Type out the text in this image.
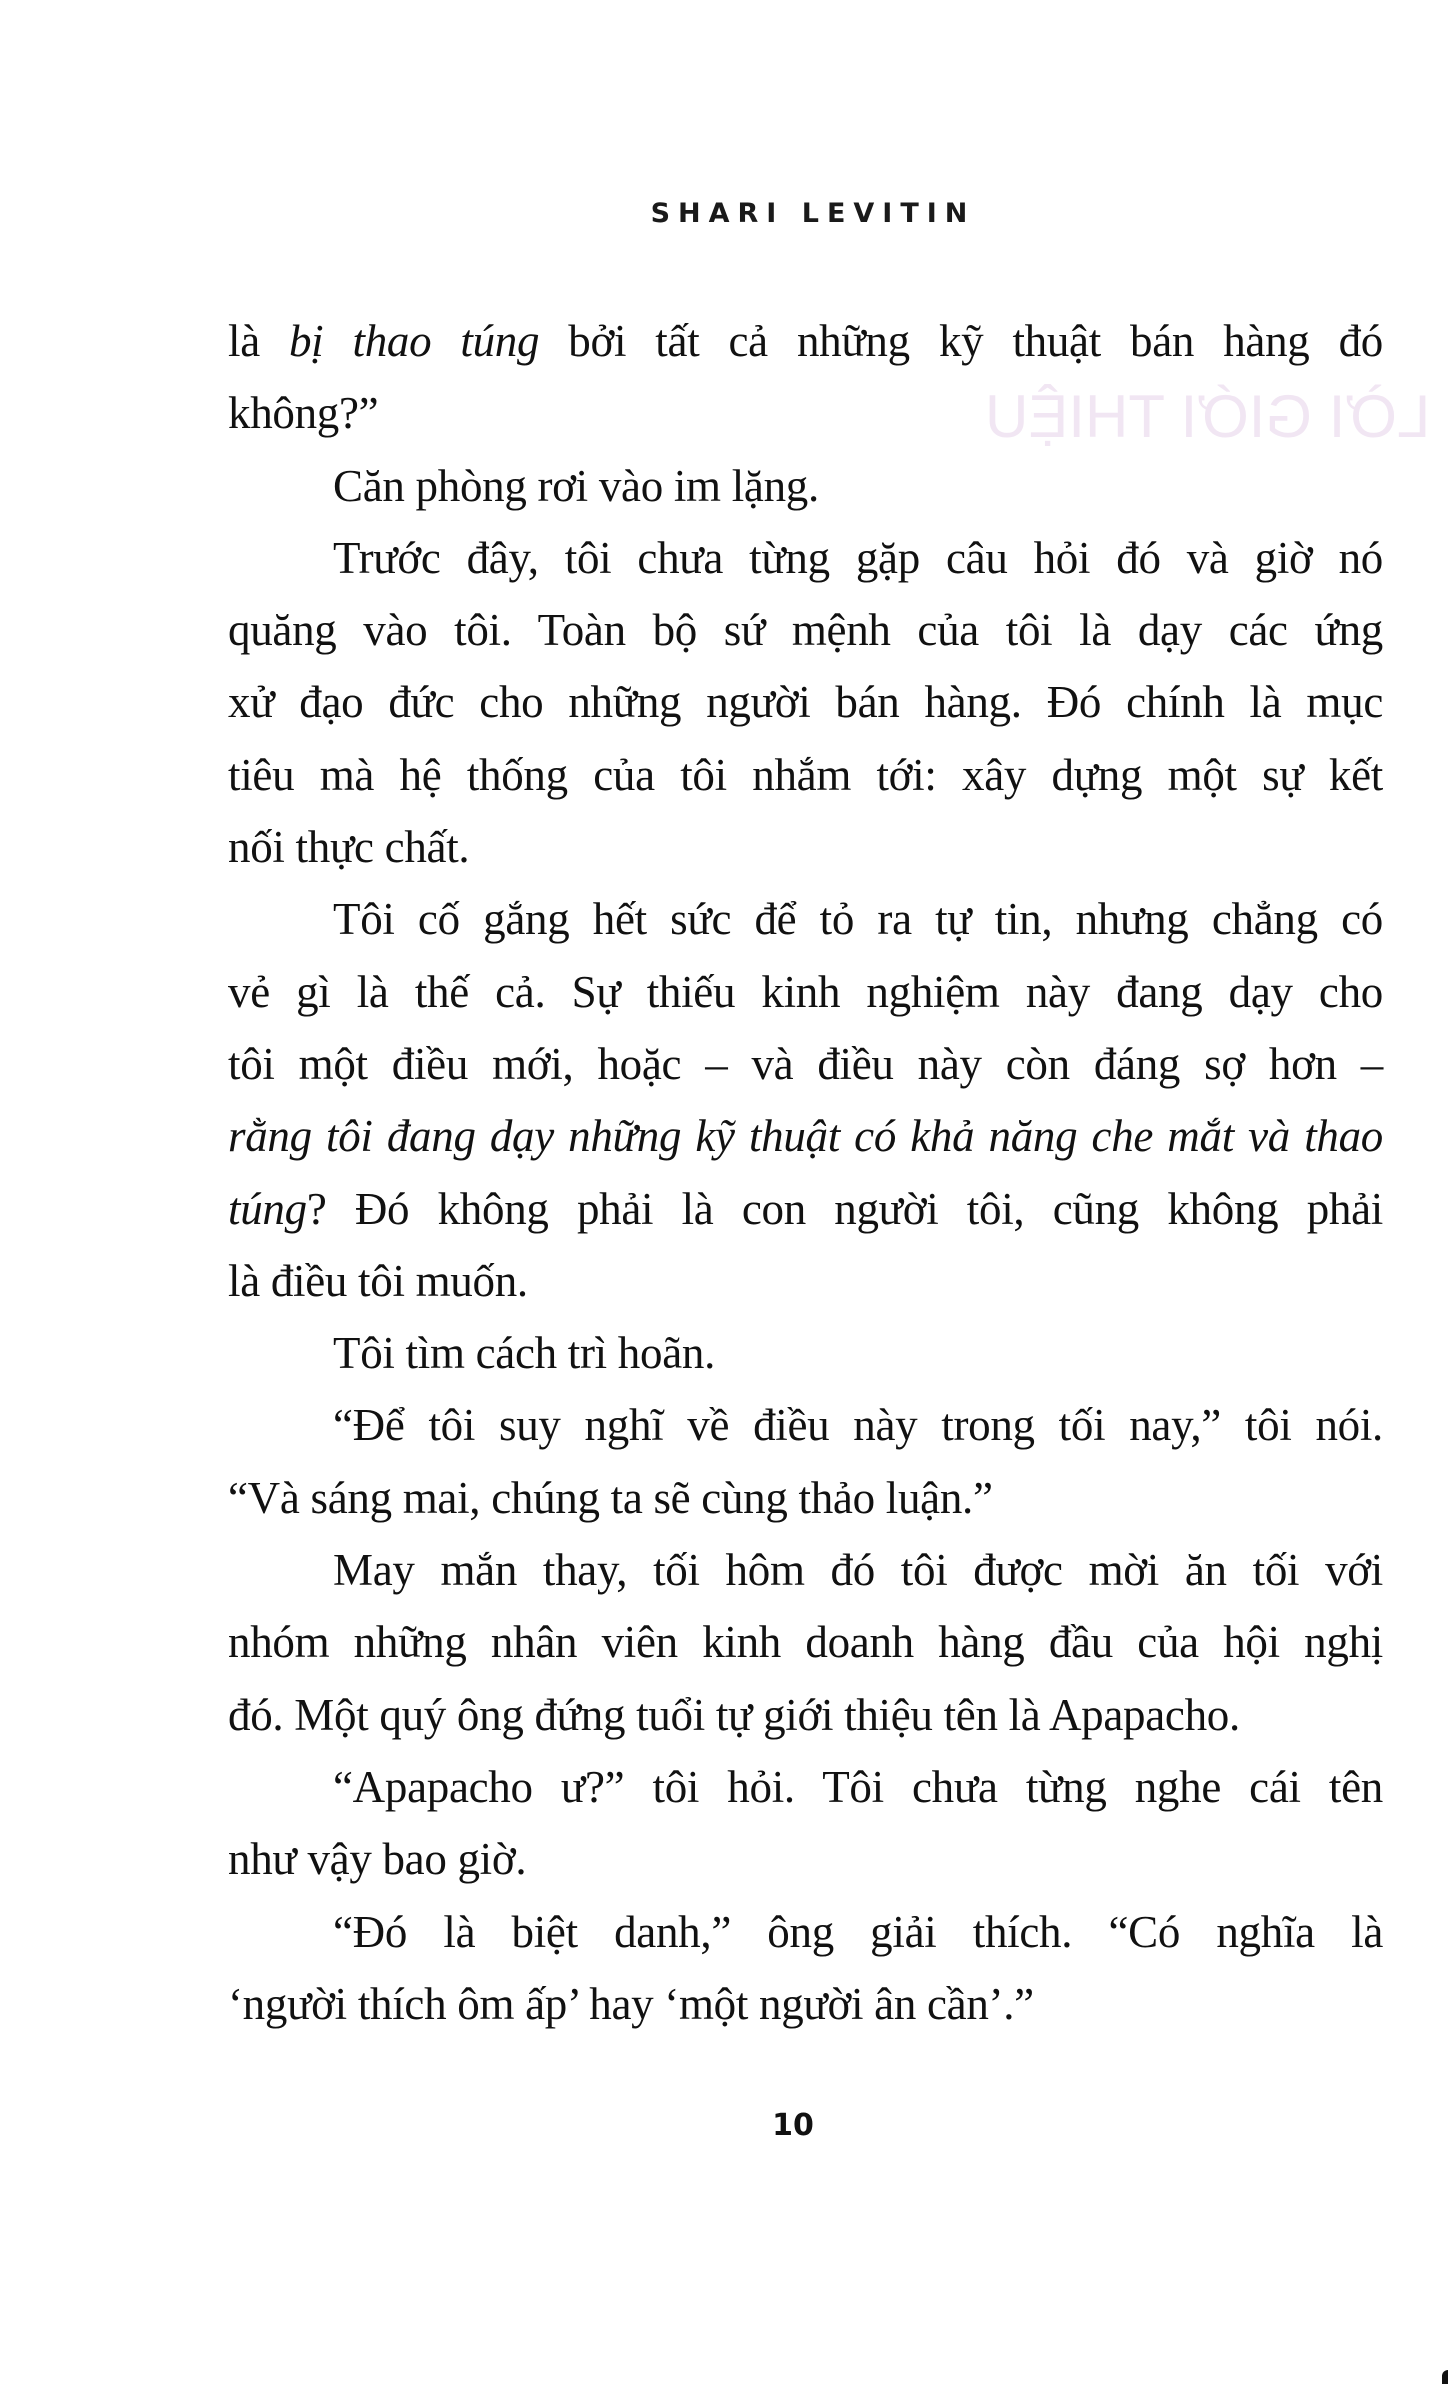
LỜI GIỚI THIỆU
SHARI LEVITIN
là bị thao túng bởi tất cả những kỹ thuật bán hàng đó
không?”
Căn phòng rơi vào im lặng.
Trước đây, tôi chưa từng gặp câu hỏi đó và giờ nó
quăng vào tôi. Toàn bộ sứ mệnh của tôi là dạy các ứng
xử đạo đức cho những người bán hàng. Đó chính là mục
tiêu mà hệ thống của tôi nhắm tới: xây dựng một sự kết
nối thực chất.
Tôi cố gắng hết sức để tỏ ra tự tin, nhưng chẳng có
vẻ gì là thế cả. Sự thiếu kinh nghiệm này đang dạy cho
tôi một điều mới, hoặc – và điều này còn đáng sợ hơn –
rằng tôi đang dạy những kỹ thuật có khả năng che mắt và thao
túng? Đó không phải là con người tôi, cũng không phải
là điều tôi muốn.
Tôi tìm cách trì hoãn.
“Để tôi suy nghĩ về điều này trong tối nay,” tôi nói.
“Và sáng mai, chúng ta sẽ cùng thảo luận.”
May mắn thay, tối hôm đó tôi được mời ăn tối với
nhóm những nhân viên kinh doanh hàng đầu của hội nghị
đó. Một quý ông đứng tuổi tự giới thiệu tên là Apapacho.
“Apapacho ư?” tôi hỏi. Tôi chưa từng nghe cái tên
như vậy bao giờ.
“Đó là biệt danh,” ông giải thích. “Có nghĩa là
‘người thích ôm ấp’ hay ‘một người ân cần’.”
10
